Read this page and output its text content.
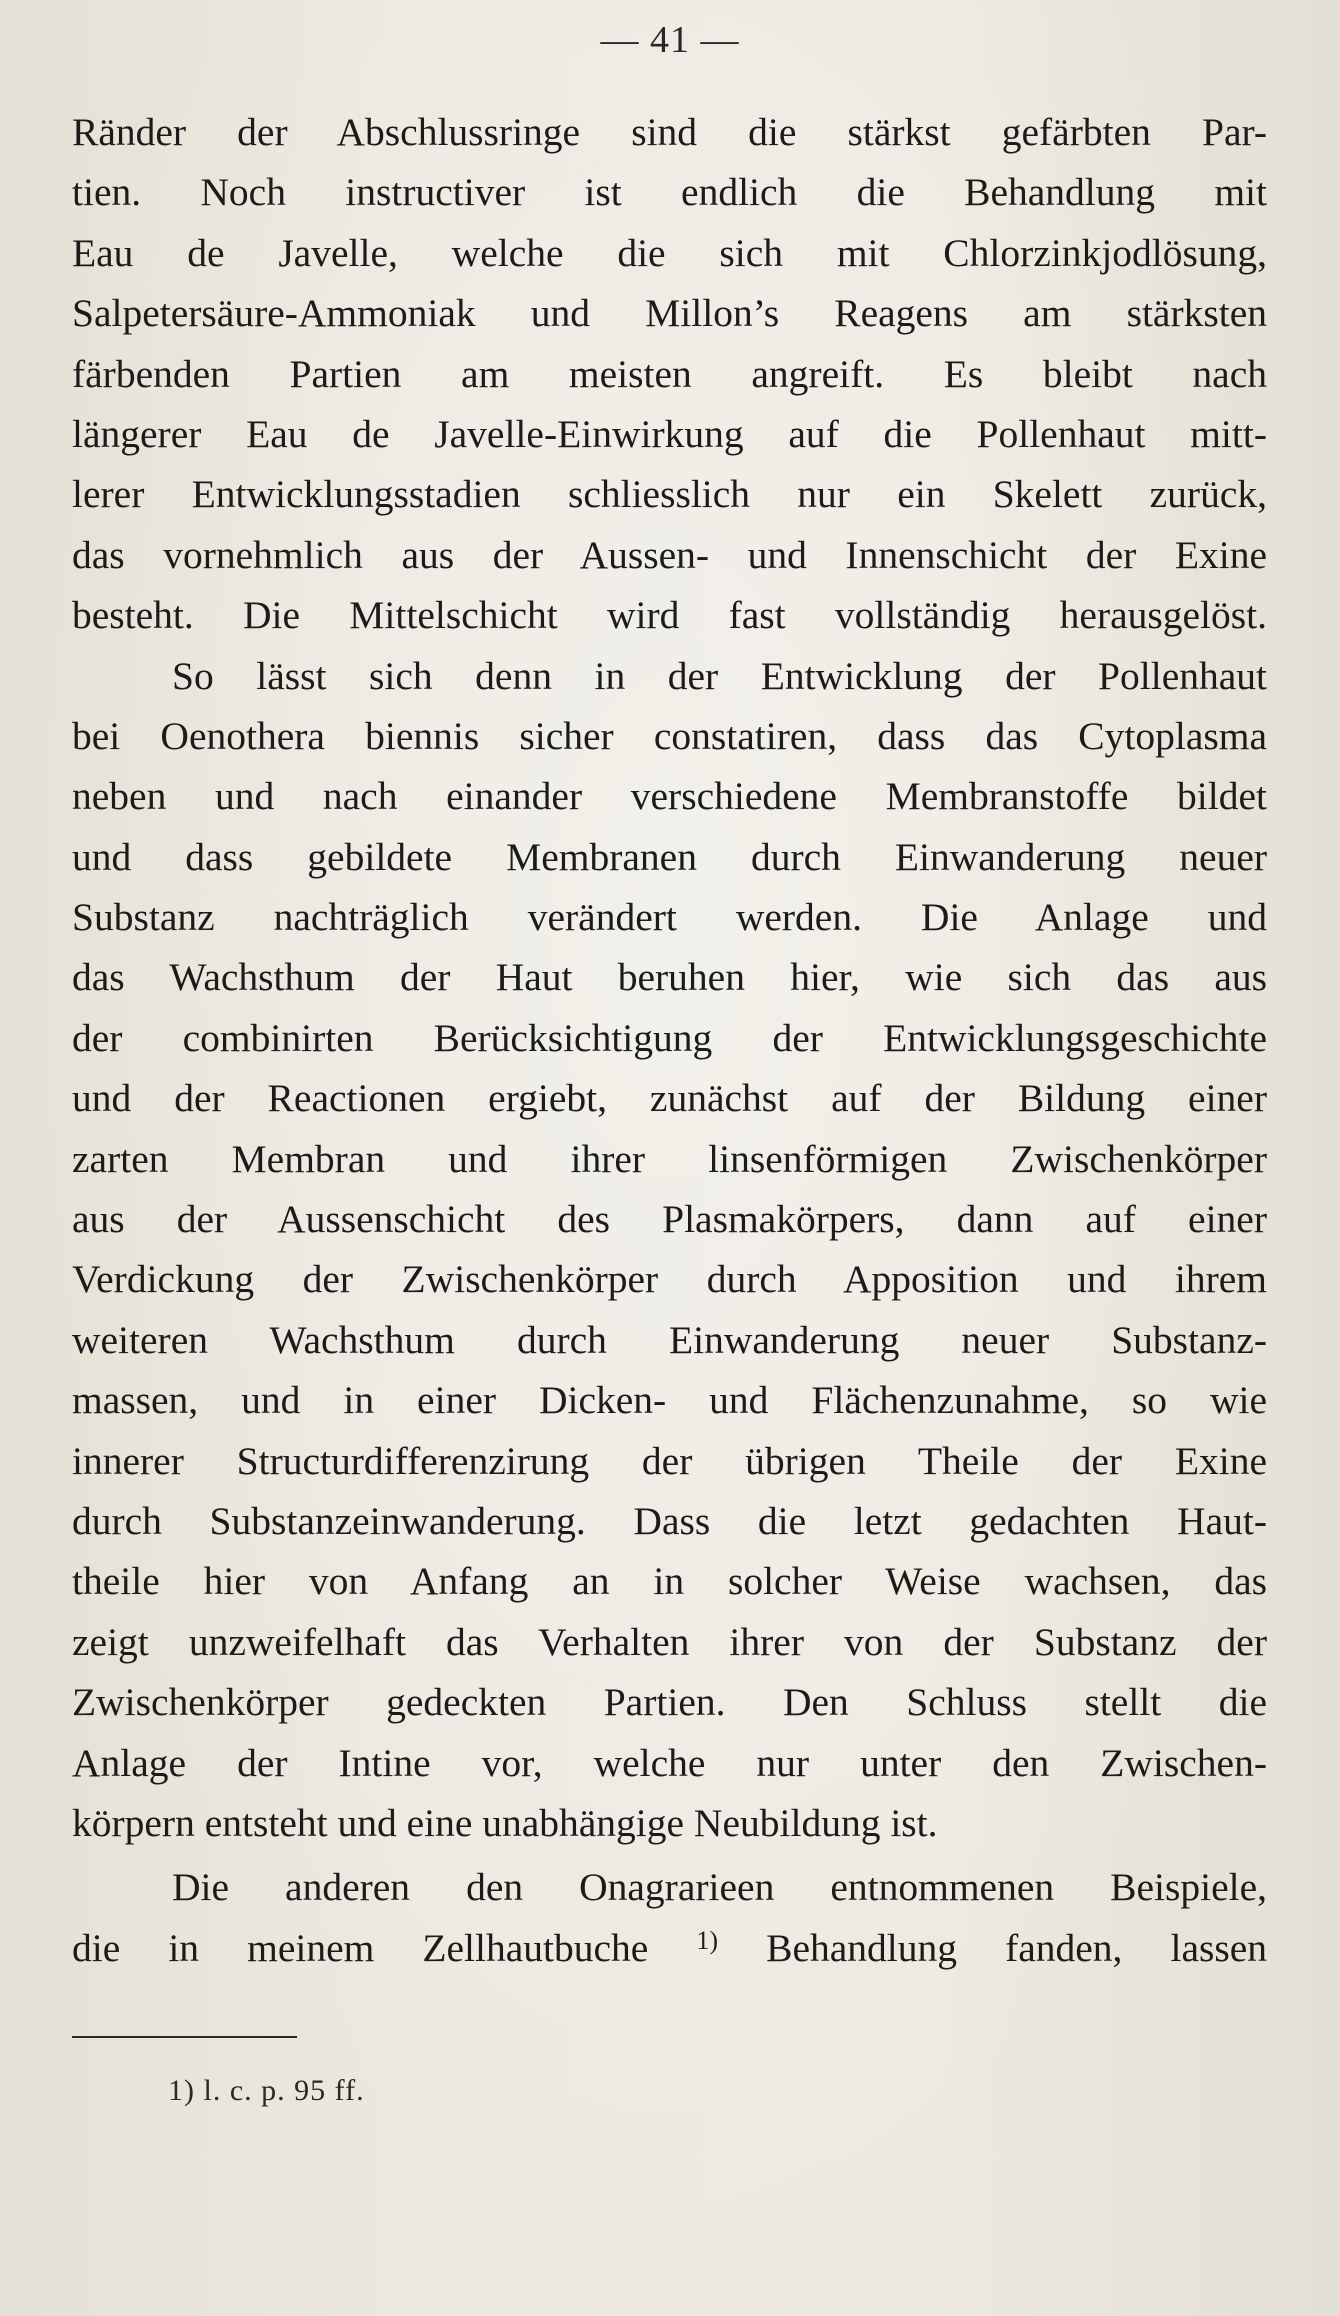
— 41 —
Ränder der Abschlussringe sind die stärkst gefärbten Par-
tien. Noch instructiver ist endlich die Behandlung mit
Eau de Javelle, welche die sich mit Chlorzinkjodlösung,
Salpetersäure-Ammoniak und Millon’s Reagens am stärksten
färbenden Partien am meisten angreift. Es bleibt nach
längerer Eau de Javelle-Einwirkung auf die Pollenhaut mitt-
lerer Entwicklungsstadien schliesslich nur ein Skelett zurück,
das vornehmlich aus der Aussen- und Innenschicht der Exine
besteht. Die Mittelschicht wird fast vollständig herausgelöst.
So lässt sich denn in der Entwicklung der Pollenhaut
bei Oenothera biennis sicher constatiren, dass das Cytoplasma
neben und nach einander verschiedene Membranstoffe bildet
und dass gebildete Membranen durch Einwanderung neuer
Substanz nachträglich verändert werden. Die Anlage und
das Wachsthum der Haut beruhen hier, wie sich das aus
der combinirten Berücksichtigung der Entwicklungsgeschichte
und der Reactionen ergiebt, zunächst auf der Bildung einer
zarten Membran und ihrer linsenförmigen Zwischenkörper
aus der Aussenschicht des Plasmakörpers, dann auf einer
Verdickung der Zwischenkörper durch Apposition und ihrem
weiteren Wachsthum durch Einwanderung neuer Substanz-
massen, und in einer Dicken- und Flächenzunahme, so wie
innerer Structurdifferenzirung der übrigen Theile der Exine
durch Substanzeinwanderung. Dass die letzt gedachten Haut-
theile hier von Anfang an in solcher Weise wachsen, das
zeigt unzweifelhaft das Verhalten ihrer von der Substanz der
Zwischenkörper gedeckten Partien. Den Schluss stellt die
Anlage der Intine vor, welche nur unter den Zwischen-
körpern entsteht und eine unabhängige Neubildung ist.
Die anderen den Onagrarieen entnommenen Beispiele,
die in meinem Zellhautbuche $^{1)}$ Behandlung fanden, lassen
1) l. c. p. 95 ff.
